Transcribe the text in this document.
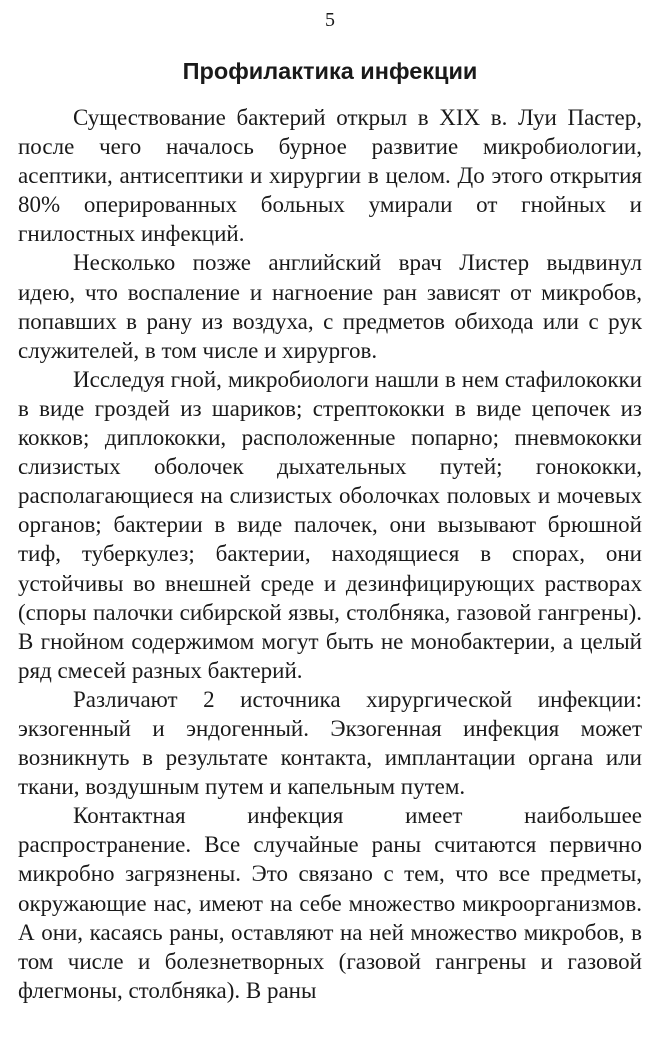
5
Профилактика инфекции

Существование бактерий открыл в XIX в. Луи Пастер, после чего началось бурное развитие микробиологии, асептики, антисептики и хирургии в целом. До этого открытия 80% оперированных больных умирали от гнойных и гнилостных инфекций.

Несколько позже английский врач Листер выдвинул идею, что воспаление и нагноение ран зависят от микробов, попавших в рану из воздуха, с предметов обихода или с рук служителей, в том числе и хирургов.

Исследуя гной, микробиологи нашли в нем стафилококки в виде гроздей из шариков; стрептококки в виде цепочек из кокков; диплококки, расположенные попарно; пневмококки слизистых оболочек дыхательных путей; гонококки, располагающиеся на слизистых оболочках половых и мочевых органов; бактерии в виде палочек, они вызывают брюшной тиф, туберкулез; бактерии, находящиеся в спорах, они устойчивы во внешней среде и дезинфицирующих растворах (споры палочки сибирской язвы, столбняка, газовой гангрены). В гнойном содержимом могут быть не монобактерии, а целый ряд смесей разных бактерий.

Различают 2 источника хирургической инфекции: экзогенный и эндогенный. Экзогенная инфекция может возникнуть в результате контакта, имплантации органа или ткани, воздушным путем и капельным путем.

Контактная инфекция имеет наибольшее распространение. Все случайные раны считаются первично микробно загрязнены. Это связано с тем, что все предметы, окружающие нас, имеют на себе множество микроорганизмов. А они, касаясь раны, оставляют на ней множество микробов, в том числе и болезнетворных (газовой гангрены и газовой флегмоны, столбняка). В раны
